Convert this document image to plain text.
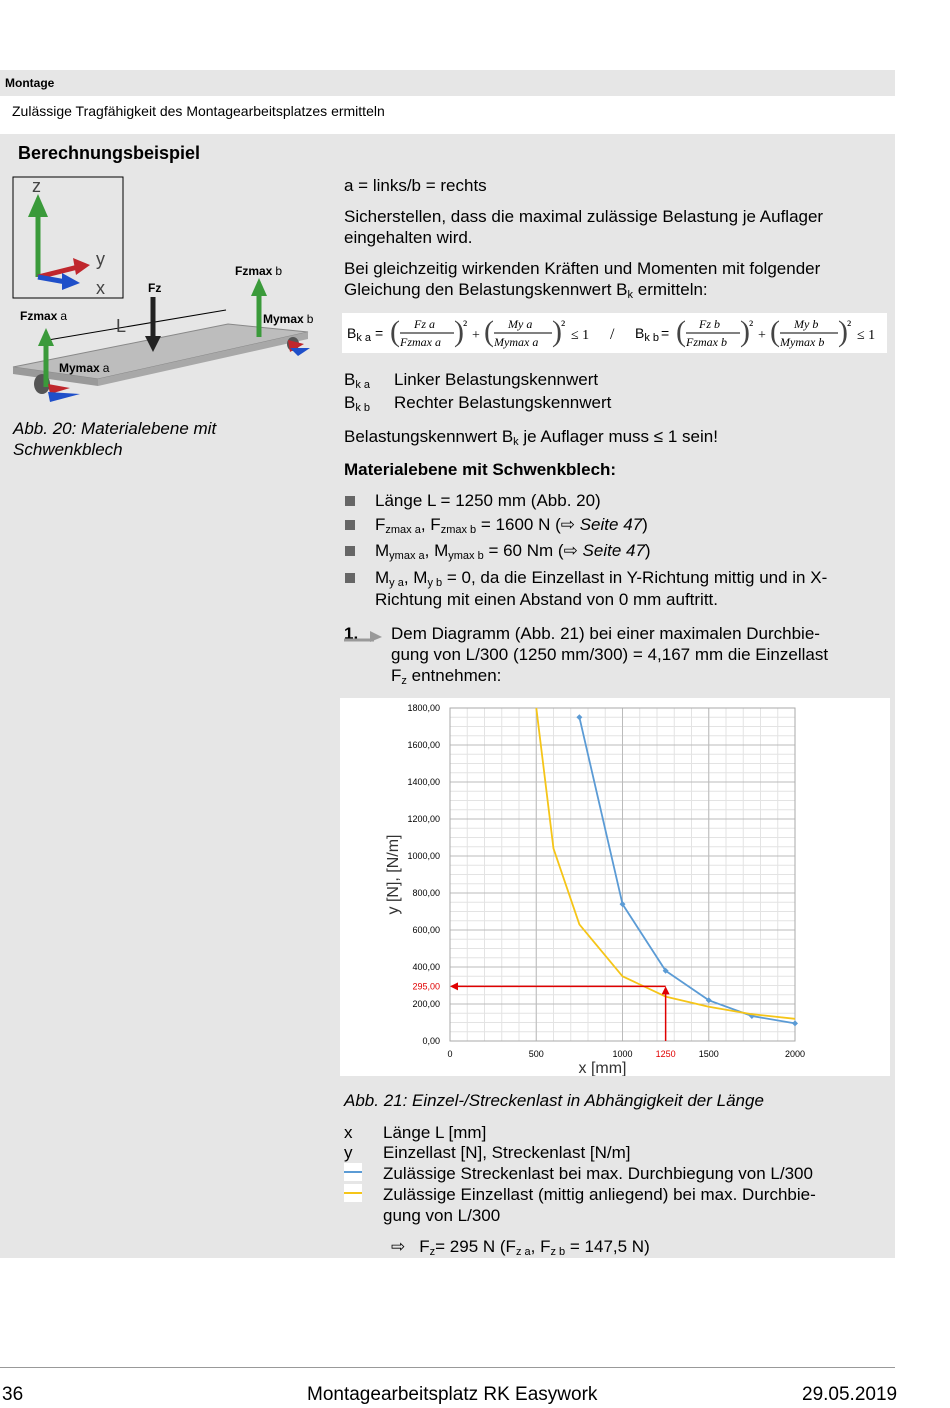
Montage
Zulässige Tragfähigkeit des Montagearbeitsplatzes ermitteln
Berechnungsbeispiel
z
y
x
L
Fz
Fzmax b
Mymax b
Fzmax a
Mymax a
Abb. 20: Materialebene mit
Schwenkblech
a = links/b = rechts
Sicherstellen, dass die maximal zulässige Belastung je Auflager
eingehalten wird.
Bei gleichzeitig wirkenden Kräften und Momenten mit folgender
Gleichung den Belastungskennwert $B_k$ ermitteln:
$B_{k a}$ = ( Fz a
Fzmax a ) ²
+ ( My a
Mymax a ) ²
≤ $1 / B_{k b}$ = ( Fz b
Fzmax b ) ²
+ ( My b
Mymax b ) ²
≤ 1
$B_{k a}$ Linker Belastungskennwert
$B_{k b}$ Rechter Belastungskennwert
Belastungskennwert $B_k$ je Auflager muss ≤ 1 sein!
Materialebene mit Schwenkblech:
Länge L = 1250 mm (Abb. 20)
$F_{zmax a}$, $F_{zmax b} = 1600$ N (⇨ Seite 47)
$M_{ymax a}$, $M_{ymax b} = 60$ Nm (⇨ Seite 47)
$M_{y a}$, $M_{y b} = 0$, da die Einzellast in Y-Richtung mittig und in X-
Richtung mit einen Abstand von 0 mm auftritt.
1. Dem Diagramm (Abb. 21) bei einer maximalen Durchbie-
gung von L/300 (1250 mm/300) = 4,167 mm die Einzellast
$F_z$ entnehmen:
0	500	1000	1500	2000
0,00
200,00
400,00
600,00
800,00
1000,00
1200,00
1400,00
1600,00
1800,00
1250
295,00
x [mm]
y [N], [N/m]
Abb. 21: Einzel-/Streckenlast in Abhängigkeit der Länge
x Länge L [mm]
y Einzellast [N], Streckenlast [N/m]
Zulässige Streckenlast bei max. Durchbiegung von L/300
Zulässige Einzellast (mittig anliegend) bei max. Durchbie-
gung von L/300
⇨ $F_z= 295$ N ($F_{z a}$, $F_{z b} = 147,5$ N)
36	Montagearbeitsplatz RK Easywork	29.05.2019
